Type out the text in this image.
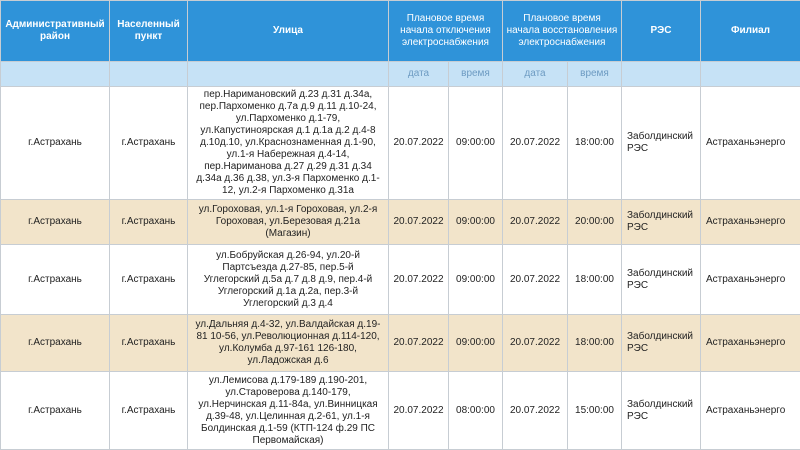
Административный район	Населенный пункт	Улица	Плановое время начала отключения электроснабжения		Плановое время начала восстановления электроснабжения		РЭС	Филиал
			дата	время	дата	время		
г.Астрахань	г.Астрахань	пер.Наримановский д.23 д.31 д.34а, пер.Пархоменко д.7а д.9 д.11 д.10-24, ул.Пархоменко д.1-79, ул.Капустиноярская д.1 д.1а д.2 д.4-8 д.10д.10, ул.Краснознаменная д.1-90, ул.1-я Набережная д.4-14, пер.Нариманова д.27 д.29 д.31 д.34 д.34а д.36 д.38, ул.3-я Пархоменко д.1-12, ул.2-я Пархоменко д.31а	20.07.2022	09:00:00	20.07.2022	18:00:00	Заболдинский РЭС	Астраханьэнерго
г.Астрахань	г.Астрахань	ул.Гороховая, ул.1-я Гороховая, ул.2-я Гороховая, ул.Березовая д.21а (Магазин)	20.07.2022	09:00:00	20.07.2022	20:00:00	Заболдинский РЭС	Астраханьэнерго
г.Астрахань	г.Астрахань	ул.Бобруйская д.26-94, ул.20-й Партсъезда д.27-85, пер.5-й Углегорский д.5а д.7 д.8 д.9, пер.4-й Углегорский д.1а д.2а, пер.3-й Углегорский д.3 д.4	20.07.2022	09:00:00	20.07.2022	18:00:00	Заболдинский РЭС	Астраханьэнерго
г.Астрахань	г.Астрахань	ул.Дальняя д.4-32, ул.Валдайская д.19-81 10-56, ул.Революционная д.114-120, ул.Колумба д.97-161 126-180, ул.Ладожская д.6	20.07.2022	09:00:00	20.07.2022	18:00:00	Заболдинский РЭС	Астраханьэнерго
г.Астрахань	г.Астрахань	ул.Лемисова д.179-189 д.190-201, ул.Староверова д.140-179, ул.Нерчинская д.11-84а, ул.Винницкая д.39-48, ул.Целинная д.2-61, ул.1-я Болдинская д.1-59 (КТП-124 ф.29 ПС Первомайская)	20.07.2022	08:00:00	20.07.2022	15:00:00	Заболдинский РЭС	Астраханьэнерго
